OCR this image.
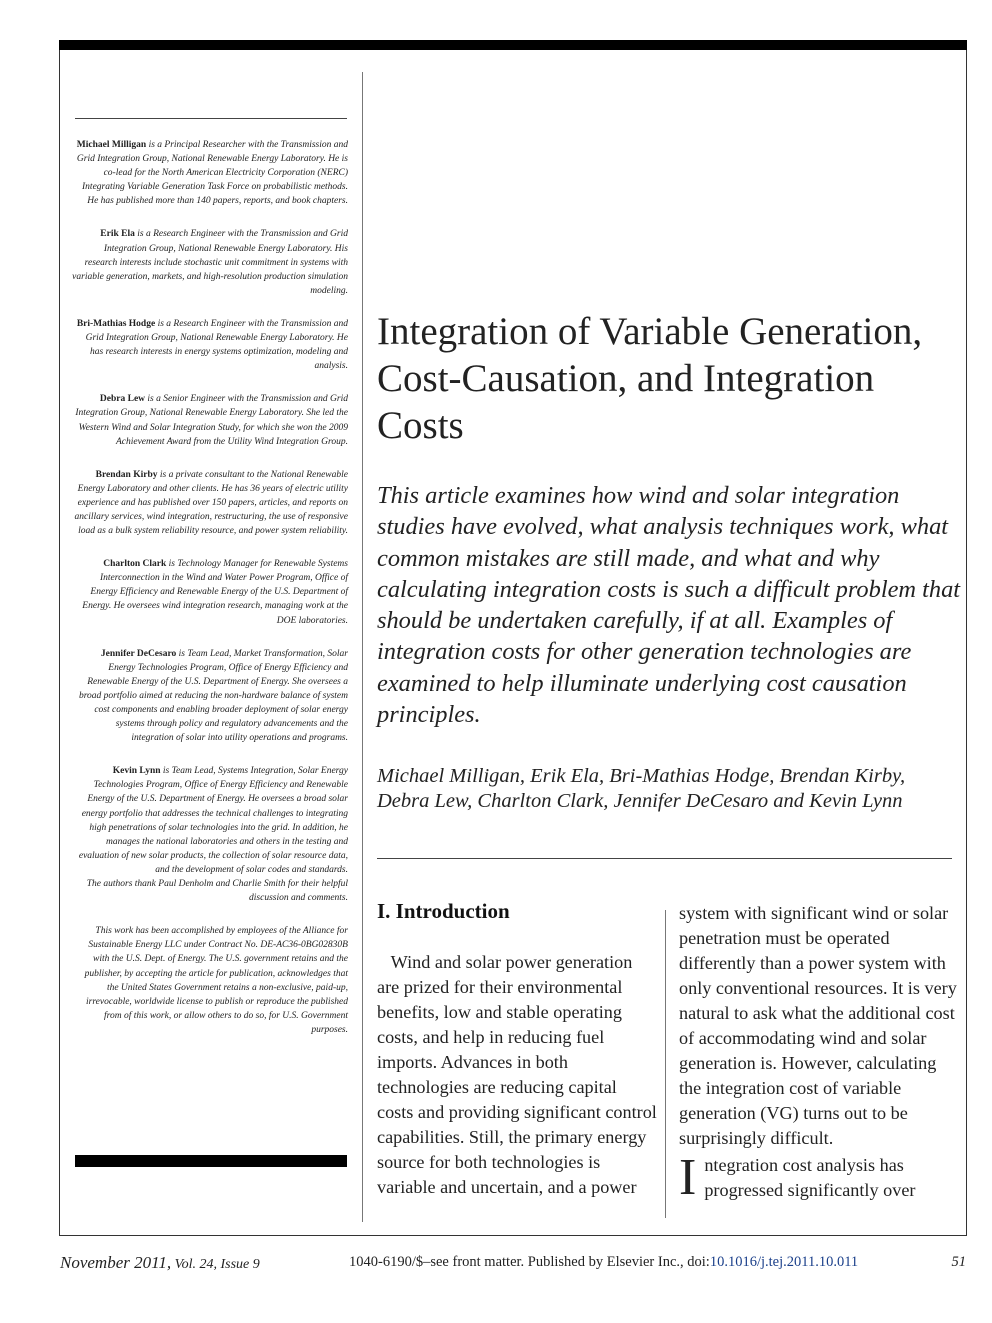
Michael Milligan is a Principal Researcher with the Transmission and Grid Integration Group, National Renewable Energy Laboratory. He is co-lead for the North American Electricity Corporation (NERC) Integrating Variable Generation Task Force on probabilistic methods. He has published more than 140 papers, reports, and book chapters.

Erik Ela is a Research Engineer with the Transmission and Grid Integration Group, National Renewable Energy Laboratory. His research interests include stochastic unit commitment in systems with variable generation, markets, and high-resolution production simulation modeling.

Bri-Mathias Hodge is a Research Engineer with the Transmission and Grid Integration Group, National Renewable Energy Laboratory. He has research interests in energy systems optimization, modeling and analysis.

Debra Lew is a Senior Engineer with the Transmission and Grid Integration Group, National Renewable Energy Laboratory. She led the Western Wind and Solar Integration Study, for which she won the 2009 Achievement Award from the Utility Wind Integration Group.

Brendan Kirby is a private consultant to the National Renewable Energy Laboratory and other clients. He has 36 years of electric utility experience and has published over 150 papers, articles, and reports on ancillary services, wind integration, restructuring, the use of responsive load as a bulk system reliability resource, and power system reliability.

Charlton Clark is Technology Manager for Renewable Systems Interconnection in the Wind and Water Power Program, Office of Energy Efficiency and Renewable Energy of the U.S. Department of Energy. He oversees wind integration research, managing work at the DOE laboratories.

Jennifer DeCesaro is Team Lead, Market Transformation, Solar Energy Technologies Program, Office of Energy Efficiency and Renewable Energy of the U.S. Department of Energy. She oversees a broad portfolio aimed at reducing the non-hardware balance of system cost components and enabling broader deployment of solar energy systems through policy and regulatory advancements and the integration of solar into utility operations and programs.

Kevin Lynn is Team Lead, Systems Integration, Solar Energy Technologies Program, Office of Energy Efficiency and Renewable Energy of the U.S. Department of Energy. He oversees a broad solar energy portfolio that addresses the technical challenges to integrating high penetrations of solar technologies into the grid. In addition, he manages the national laboratories and others in the testing and evaluation of new solar products, the collection of solar resource data, and the development of solar codes and standards.

The authors thank Paul Denholm and Charlie Smith for their helpful discussion and comments.

This work has been accomplished by employees of the Alliance for Sustainable Energy LLC under Contract No. DE-AC36-0BG02830B with the U.S. Dept. of Energy. The U.S. government retains and the publisher, by accepting the article for publication, acknowledges that the United States Government retains a non-exclusive, paid-up, irrevocable, worldwide license to publish or reproduce the published from of this work, or allow others to do so, for U.S. Government purposes.

Integration of Variable Generation, Cost-Causation, and Integration Costs

This article examines how wind and solar integration studies have evolved, what analysis techniques work, what common mistakes are still made, and what and why calculating integration costs is such a difficult problem that should be undertaken carefully, if at all. Examples of integration costs for other generation technologies are examined to help illuminate underlying cost causation principles.

Michael Milligan, Erik Ela, Bri-Mathias Hodge, Brendan Kirby, Debra Lew, Charlton Clark, Jennifer DeCesaro and Kevin Lynn

I. Introduction

Wind and solar power generation are prized for their environmental benefits, low and stable operating costs, and help in reducing fuel imports. Advances in both technologies are reducing capital costs and providing significant control capabilities. Still, the primary energy source for both technologies is variable and uncertain, and a power

system with significant wind or solar penetration must be operated differently than a power system with only conventional resources. It is very natural to ask what the additional cost of accommodating wind and solar generation is. However, calculating the integration cost of variable generation (VG) turns out to be surprisingly difficult.
I ntegration cost analysis has progressed significantly over
November 2011, Vol. 24, Issue 9	1040-6190/$–see front matter. Published by Elsevier Inc., doi:10.1016/j.tej.2011.10.011	51
